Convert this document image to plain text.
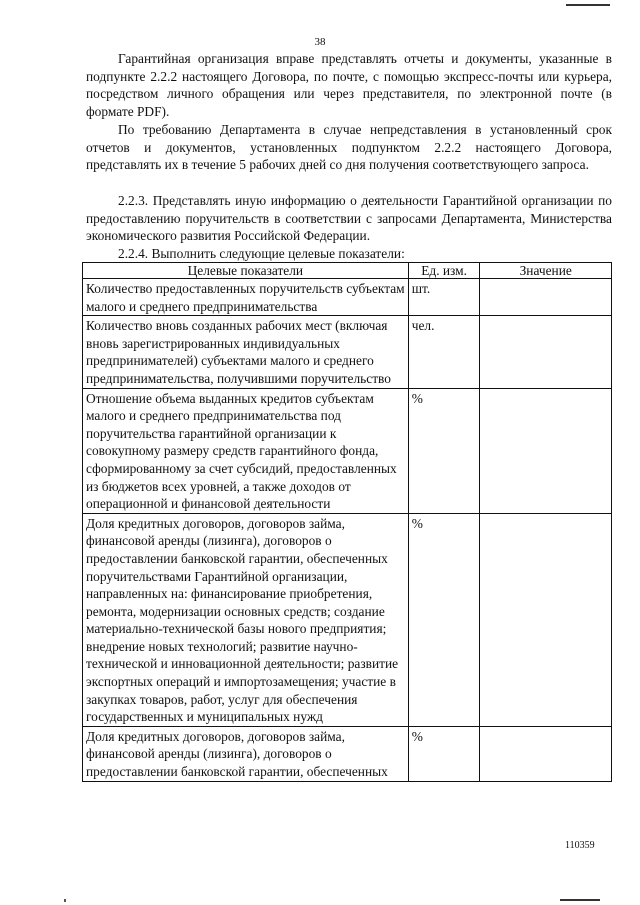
38

Гарантийная организация вправе представлять отчеты и документы, указанные в подпункте 2.2.2 настоящего Договора, по почте, с помощью экспресс-почты или курьера, посредством личного обращения или через представителя, по электронной почте (в формате PDF).

По требованию Департамента в случае непредставления в установленный срок отчетов и документов, установленных подпунктом 2.2.2 настоящего Договора, представлять их в течение 5 рабочих дней со дня получения соответствующего запроса.

2.2.3. Представлять иную информацию о деятельности Гарантийной организации по предоставлению поручительств в соответствии с запросами Департамента, Министерства экономического развития Российской Федерации.

2.2.4. Выполнить следующие целевые показатели:

Целевые показатели	Ед. изм.	Значение
Количество предоставленных поручительств субъектам малого и среднего предпринимательства	шт.	
Количество вновь созданных рабочих мест (включая вновь зарегистрированных индивидуальных предпринимателей) субъектами малого и среднего предпринимательства, получившими поручительство	чел.	
Отношение объема выданных кредитов субъектам малого и среднего предпринимательства под поручительства гарантийной организации к совокупному размеру средств гарантийного фонда, сформированному за счет субсидий, предоставленных из бюджетов всех уровней, а также доходов от операционной и финансовой деятельности	%	
Доля кредитных договоров, договоров займа, финансовой аренды (лизинга), договоров о предоставлении банковской гарантии, обеспеченных поручительствами Гарантийной организации, направленных на: финансирование приобретения, ремонта, модернизации основных средств; создание материально-технической базы нового предприятия; внедрение новых технологий; развитие научно-технической и инновационной деятельности; развитие экспортных операций и импортозамещения; участие в закупках товаров, работ, услуг для обеспечения государственных и муниципальных нужд	%	
Доля кредитных договоров, договоров займа, финансовой аренды (лизинга), договоров о предоставлении банковской гарантии, обеспеченных	%	
110359
